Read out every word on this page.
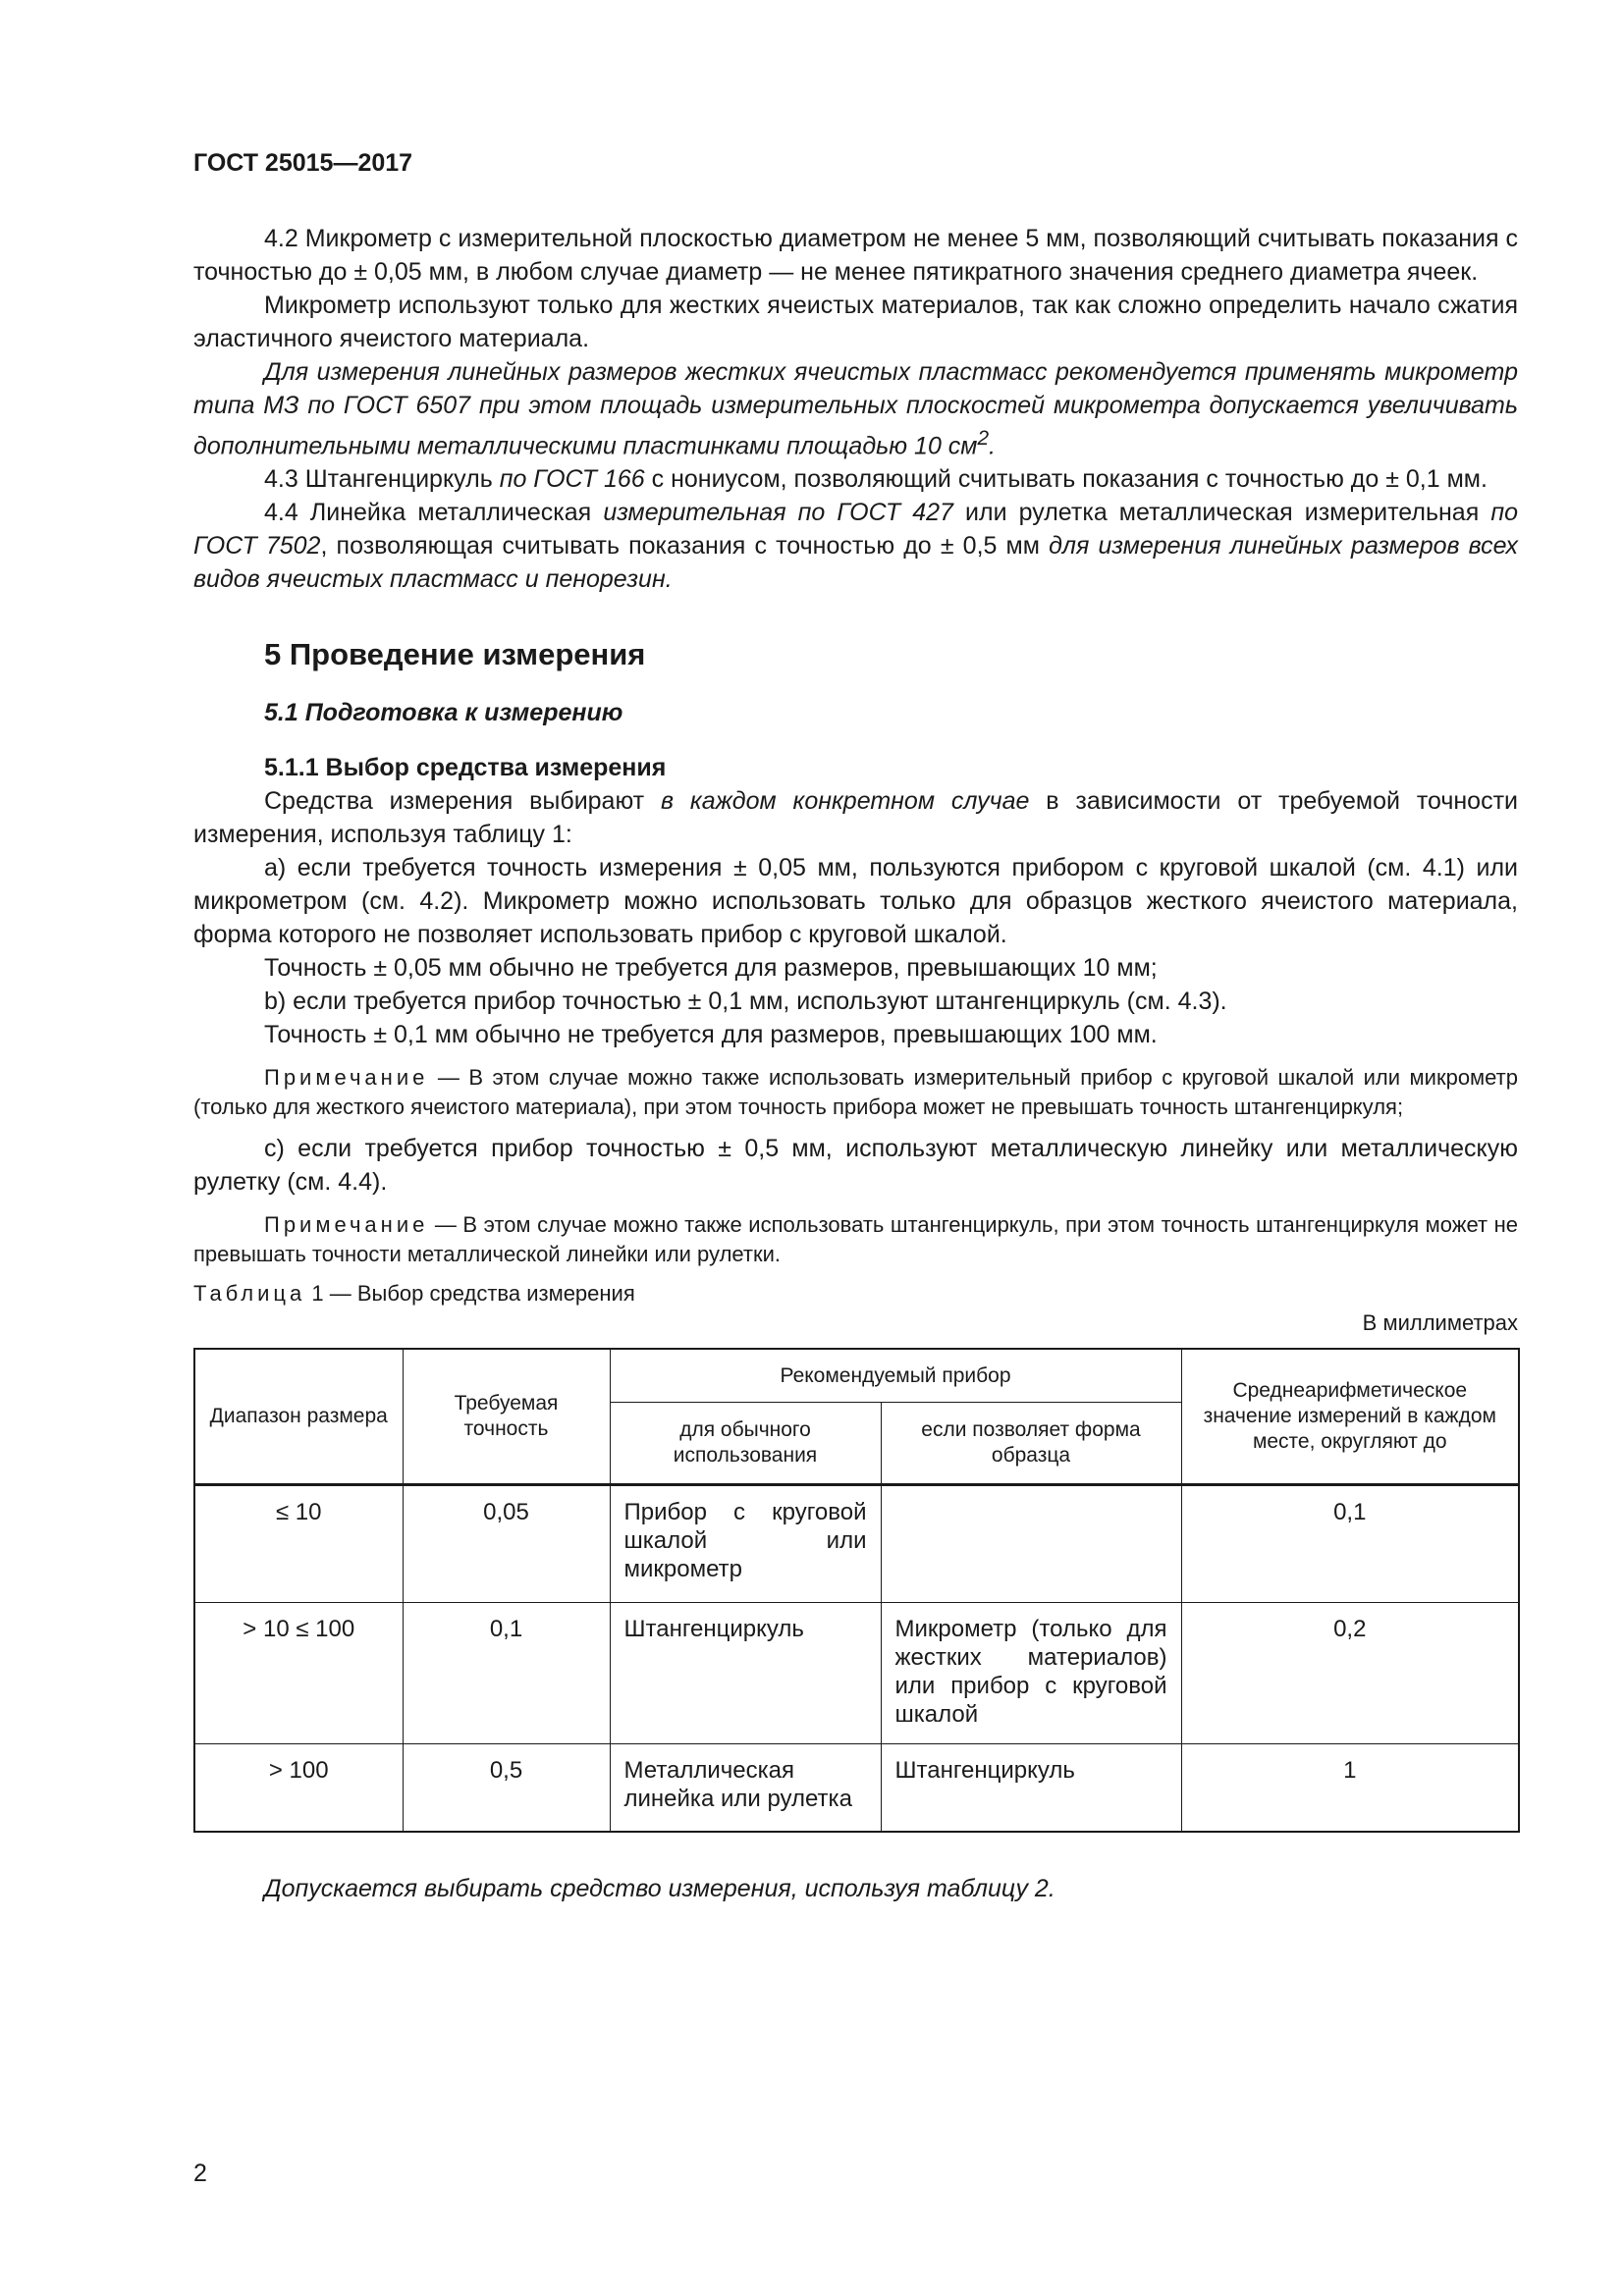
ГОСТ 25015—2017

4.2 Микрометр с измерительной плоскостью диаметром не менее 5 мм, позволяющий считывать показания с точностью до ± 0,05 мм, в любом случае диаметр — не менее пятикратного значения среднего диаметра ячеек.

Микрометр используют только для жестких ячеистых материалов, так как сложно определить начало сжатия эластичного ячеистого материала.

Для измерения линейных размеров жестких ячеистых пластмасс рекомендуется применять микрометр типа МЗ по ГОСТ 6507 при этом площадь измерительных плоскостей микрометра допускается увеличивать дополнительными металлическими пластинками площадью 10 $см^2$.

4.3 Штангенциркуль по ГОСТ 166 с нониусом, позволяющий считывать показания с точностью до ± 0,1 мм.

4.4 Линейка металлическая измерительная по ГОСТ 427 или рулетка металлическая измерительная по ГОСТ 7502, позволяющая считывать показания с точностью до ± 0,5 мм для измерения линейных размеров всех видов ячеистых пластмасс и пенорезин.

5 Проведение измерения
5.1 Подготовка к измерению
5.1.1 Выбор средства измерения

Средства измерения выбирают в каждом конкретном случае в зависимости от требуемой точности измерения, используя таблицу 1:

a) если требуется точность измерения ± 0,05 мм, пользуются прибором с круговой шкалой (см. 4.1) или микрометром (см. 4.2). Микрометр можно использовать только для образцов жесткого ячеистого материала, форма которого не позволяет использовать прибор с круговой шкалой.

Точность ± 0,05 мм обычно не требуется для размеров, превышающих 10 мм;

b) если требуется прибор точностью ± 0,1 мм, используют штангенциркуль (см. 4.3).

Точность ± 0,1 мм обычно не требуется для размеров, превышающих 100 мм.

Примечание — В этом случае можно также использовать измерительный прибор с круговой шкалой или микрометр (только для жесткого ячеистого материала), при этом точность прибора может не превышать точность штангенциркуля;

c) если требуется прибор точностью ± 0,5 мм, используют металлическую линейку или металлическую рулетку (см. 4.4).

Примечание — В этом случае можно также использовать штангенциркуль, при этом точность штангенциркуля может не превышать точности металлической линейки или рулетки.

Таблица 1 — Выбор средства измерения

В миллиметрах

Диапазон размера	Требуемая точность	Рекомендуемый прибор		Среднеарифметическое значение измерений в каждом месте, округляют до
		для обычного использования	если позволяет форма образца	
≤ 10	0,05	Прибор с круговой шкалой или микрометр		0,1
> 10 ≤ 100	0,1	Штангенциркуль	Микрометр (только для жестких материалов) или прибор с круговой шкалой	0,2
> 100	0,5	Металлическая линейка или рулетка	Штангенциркуль	1

Допускается выбирать средство измерения, используя таблицу 2.

2
